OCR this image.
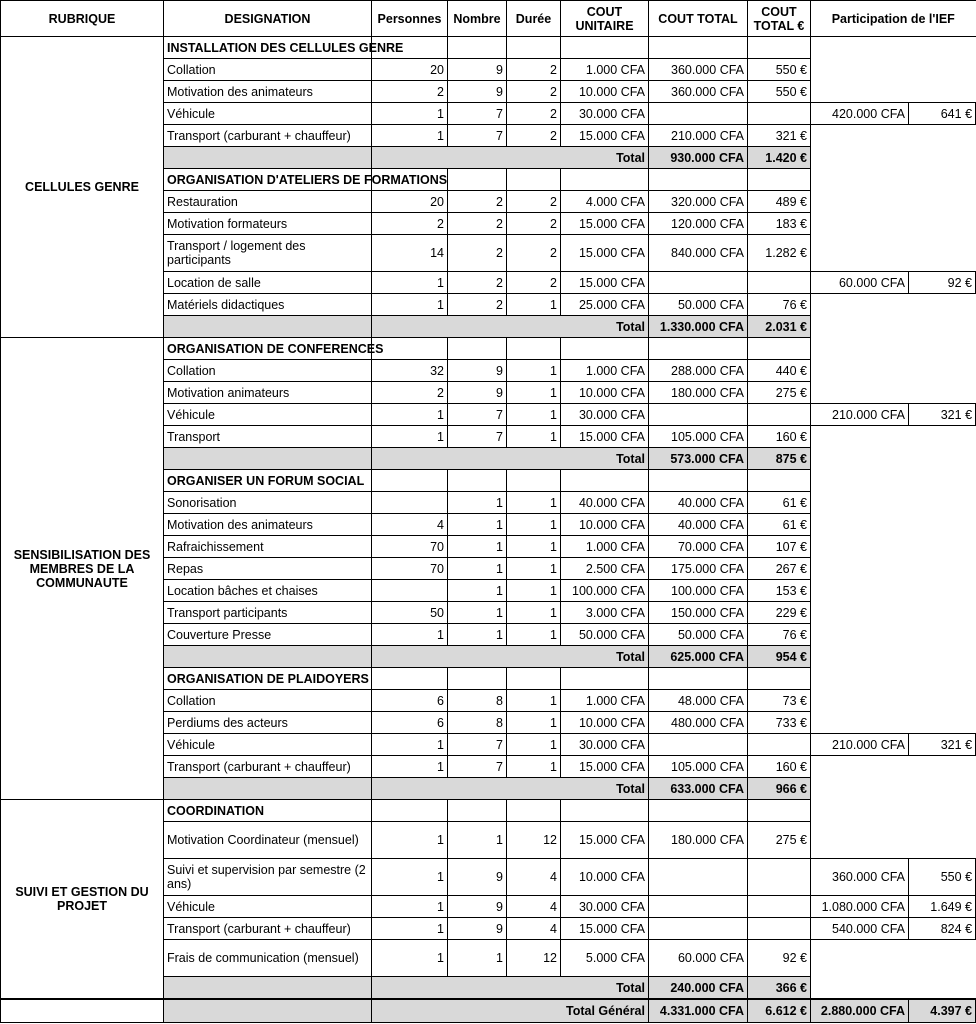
RUBRIQUE	DESIGNATION	Personnes	Nombre	Durée	COUT UNITAIRE	COUT TOTAL	COUT TOTAL €	Participation de l'IEF	
CELLULES GENRE	INSTALLATION DES CELLULES GENRE								
	Collation	20	9	2	1.000 CFA	360.000 CFA	550 €		
	Motivation des animateurs	2	9	2	10.000 CFA	360.000 CFA	550 €		
	Véhicule	1	7	2	30.000 CFA			420.000 CFA	641 €
	Transport (carburant + chauffeur)	1	7	2	15.000 CFA	210.000 CFA	321 €		
		Total				930.000 CFA	1.420 €		
	ORGANISATION D'ATELIERS DE FORMATIONS								
	Restauration	20	2	2	4.000 CFA	320.000 CFA	489 €		
	Motivation formateurs	2	2	2	15.000 CFA	120.000 CFA	183 €		
	Transport / logement des participants	14	2	2	15.000 CFA	840.000 CFA	1.282 €		
	Location de salle	1	2	2	15.000 CFA			60.000 CFA	92 €
	Matériels didactiques	1	2	1	25.000 CFA	50.000 CFA	76 €		
		Total				1.330.000 CFA	2.031 €		
SENSIBILISATION DES MEMBRES DE LA COMMUNAUTE	ORGANISATION DE CONFERENCES								
	Collation	32	9	1	1.000 CFA	288.000 CFA	440 €		
	Motivation animateurs	2	9	1	10.000 CFA	180.000 CFA	275 €		
	Véhicule	1	7	1	30.000 CFA			210.000 CFA	321 €
	Transport	1	7	1	15.000 CFA	105.000 CFA	160 €		
		Total				573.000 CFA	875 €		
	ORGANISER UN FORUM SOCIAL								
	Sonorisation		1	1	40.000 CFA	40.000 CFA	61 €		
	Motivation des animateurs	4	1	1	10.000 CFA	40.000 CFA	61 €		
	Rafraichissement	70	1	1	1.000 CFA	70.000 CFA	107 €		
	Repas	70	1	1	2.500 CFA	175.000 CFA	267 €		
	Location bâches et chaises		1	1	100.000 CFA	100.000 CFA	153 €		
	Transport participants	50	1	1	3.000 CFA	150.000 CFA	229 €		
	Couverture Presse	1	1	1	50.000 CFA	50.000 CFA	76 €		
		Total				625.000 CFA	954 €		
	ORGANISATION DE PLAIDOYERS								
	Collation	6	8	1	1.000 CFA	48.000 CFA	73 €		
	Perdiums des acteurs	6	8	1	10.000 CFA	480.000 CFA	733 €		
	Véhicule	1	7	1	30.000 CFA			210.000 CFA	321 €
	Transport (carburant + chauffeur)	1	7	1	15.000 CFA	105.000 CFA	160 €		
		Total				633.000 CFA	966 €		
SUIVI ET GESTION DU PROJET	COORDINATION								
	Motivation Coordinateur (mensuel)	1	1	12	15.000 CFA	180.000 CFA	275 €		
	Suivi et supervision par semestre (2 ans)	1	9	4	10.000 CFA			360.000 CFA	550 €
	Véhicule	1	9	4	30.000 CFA			1.080.000 CFA	1.649 €
	Transport (carburant + chauffeur)	1	9	4	15.000 CFA			540.000 CFA	824 €
	Frais de communication (mensuel)	1	1	12	5.000 CFA	60.000 CFA	92 €		
		Total				240.000 CFA	366 €		
		Total Général				4.331.000 CFA	6.612 €	2.880.000 CFA	4.397 €
